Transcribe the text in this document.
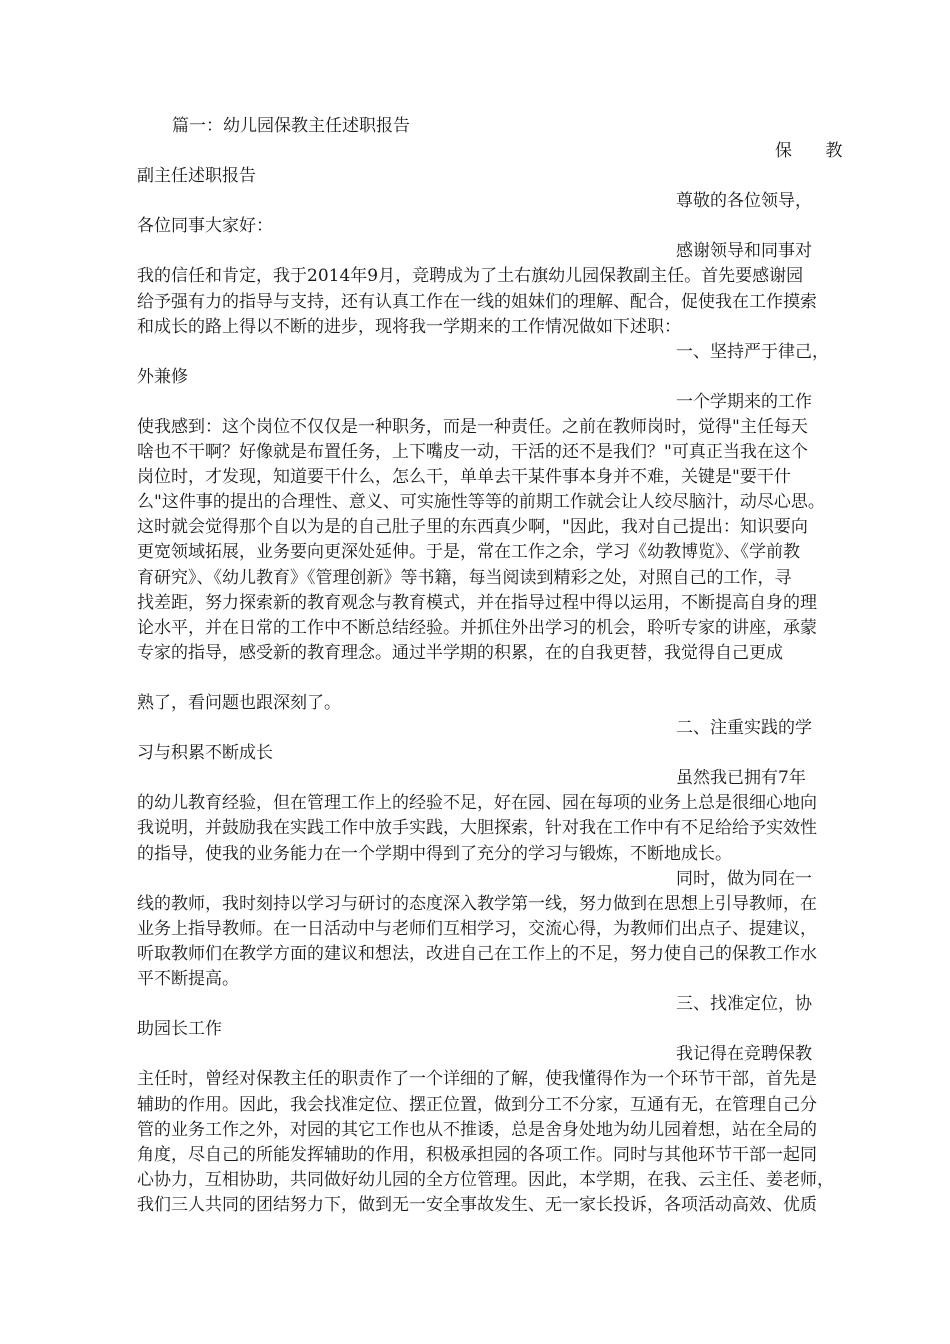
篇一：幼儿园保教主任述职报告
保 教
副主任述职报告
尊敬的各位领导，
各位同事大家好：
感谢领导和同事对
我的信任和肯定，我于2014年9月，竞聘成为了土右旗幼儿园保教副主任。首先要感谢园
给予强有力的指导与支持，还有认真工作在一线的姐妹们的理解、配合，促使我在工作摸索
和成长的路上得以不断的进步，现将我一学期来的工作情况做如下述职：
一、坚持严于律己，
外兼修
一个学期来的工作
使我感到：这个岗位不仅仅是一种职务，而是一种责任。之前在教师岗时，觉得"主任每天
啥也不干啊？好像就是布置任务，上下嘴皮一动，干活的还不是我们？"可真正当我在这个
岗位时，才发现，知道要干什么，怎么干，单单去干某件事本身并不难，关键是"要干什
么"这件事的提出的合理性、意义、可实施性等等的前期工作就会让人绞尽脑汁，动尽心思。
这时就会觉得那个自以为是的自己肚子里的东西真少啊，"因此，我对自己提出：知识要向
更宽领域拓展，业务要向更深处延伸。于是，常在工作之余，学习《幼教博览》、《学前教
育研究》、《幼儿教育》《管理创新》等书籍，每当阅读到精彩之处，对照自己的工作，寻
找差距，努力探索新的教育观念与教育模式，并在指导过程中得以运用，不断提高自身的理
论水平，并在日常的工作中不断总结经验。并抓住外出学习的机会，聆听专家的讲座，承蒙
专家的指导，感受新的教育理念。通过半学期的积累，在的自我更替，我觉得自己更成
熟了，看问题也跟深刻了。
二、注重实践的学
习与积累不断成长
虽然我已拥有7年
的幼儿教育经验，但在管理工作上的经验不足，好在园、园在每项的业务上总是很细心地向
我说明，并鼓励我在实践工作中放手实践，大胆探索，针对我在工作中有不足给给予实效性
的指导，使我的业务能力在一个学期中得到了充分的学习与锻炼，不断地成长。
同时，做为同在一
线的教师，我时刻持以学习与研讨的态度深入教学第一线，努力做到在思想上引导教师，在
业务上指导教师。在一日活动中与老师们互相学习，交流心得，为教师们出点子、提建议，
听取教师们在教学方面的建议和想法，改进自己在工作上的不足，努力使自己的保教工作水
平不断提高。
三、找准定位，协
助园长工作
我记得在竞聘保教
主任时，曾经对保教主任的职责作了一个详细的了解，使我懂得作为一个环节干部，首先是
辅助的作用。因此，我会找准定位、摆正位置，做到分工不分家，互通有无，在管理自己分
管的业务工作之外，对园的其它工作也从不推诿，总是舍身处地为幼儿园着想，站在全局的
角度，尽自己的所能发挥辅助的作用，积极承担园的各项工作。同时与其他环节干部一起同
心协力，互相协助，共同做好幼儿园的全方位管理。因此，本学期，在我、云主任、姜老师，
我们三人共同的团结努力下，做到无一安全事故发生、无一家长投诉，各项活动高效、优质
